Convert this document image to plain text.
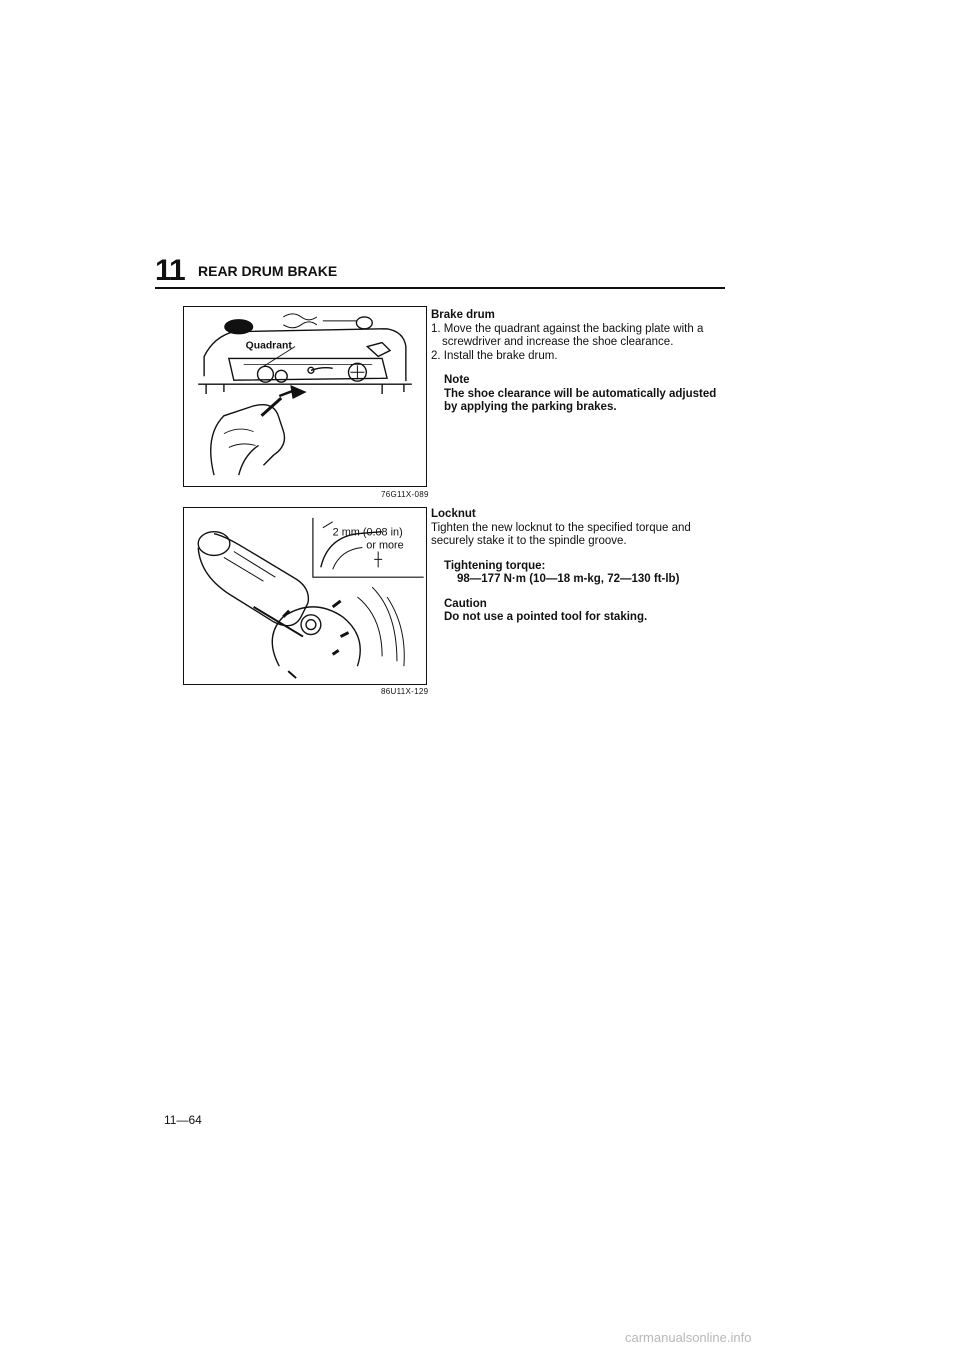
11 REAR DRUM BRAKE
Quadrant
76G11X-089
2 mm (0.08 in)
or more
86U11X-129
Brake drum
1. Move the quadrant against the backing plate with a screwdriver and increase the shoe clearance.
2. Install the brake drum.
Note
The shoe clearance will be automatically adjusted by applying the parking brakes.
Locknut
Tighten the new locknut to the specified torque and securely stake it to the spindle groove.
Tightening torque:
98—177 N·m (10—18 m-kg, 72—130 ft-lb)
Caution
Do not use a pointed tool for staking.
11—64
carmanualsonline.info
